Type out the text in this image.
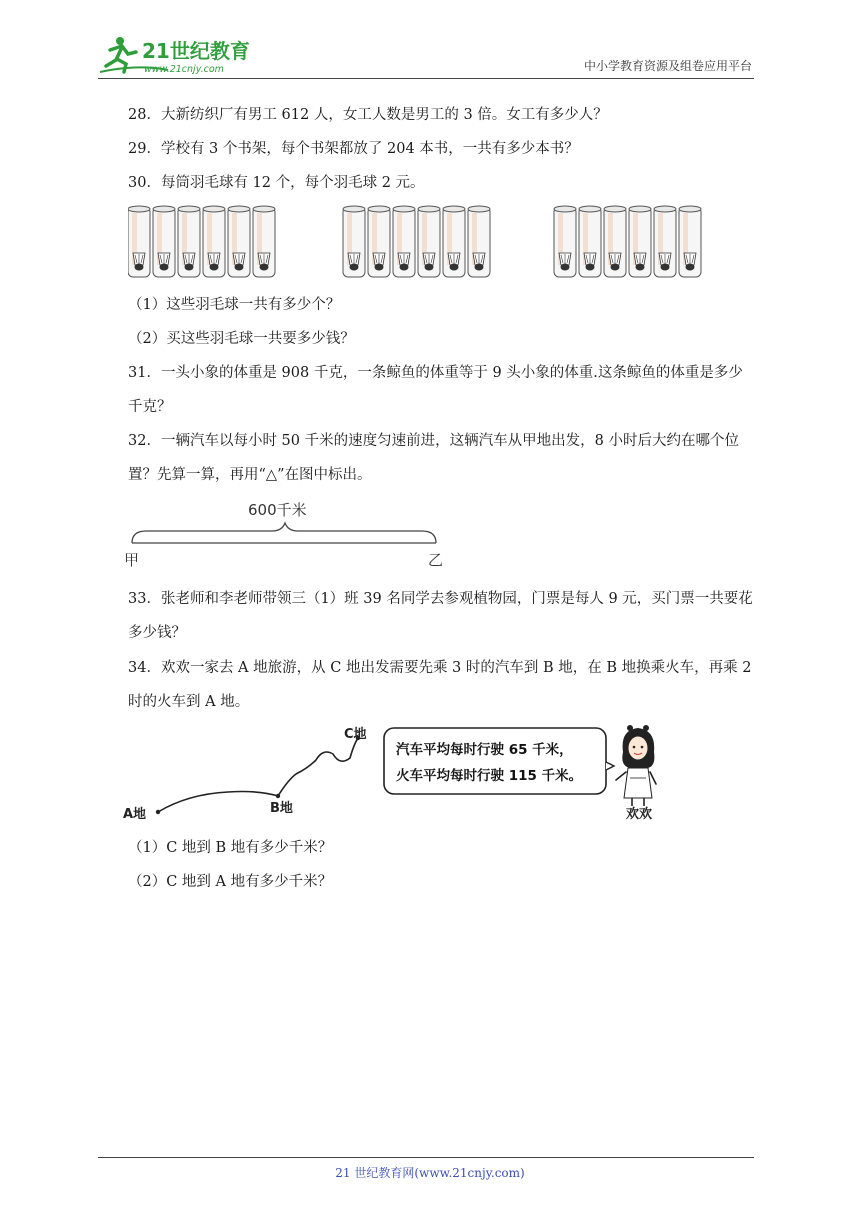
21世纪教育
www.21cnjy.com	中小学教育资源及组卷应用平台
28．大新纺织厂有男工 612 人，女工人数是男工的 3 倍。女工有多少人？
29．学校有 3 个书架，每个书架都放了 204 本书，一共有多少本书？
30．每筒羽毛球有 12 个，每个羽毛球 2 元。
（1）这些羽毛球一共有多少个？
（2）买这些羽毛球一共要多少钱？
31．一头小象的体重是 908 千克，一条鲸鱼的体重等于 9 头小象的体重.这条鲸鱼的体重是多少
千克？
32．一辆汽车以每小时 50 千米的速度匀速前进，这辆汽车从甲地出发，8 小时后大约在哪个位
置？先算一算，再用“△”在图中标出。
600千米
甲	乙
33．张老师和李老师带领三（1）班 39 名同学去参观植物园，门票是每人 9 元，买门票一共要花
多少钱？
34．欢欢一家去 A 地旅游，从 C 地出发需要先乘 3 时的汽车到 B 地，在 B 地换乘火车，再乘 2
时的火车到 A 地。
A地	B地
C地
汽车平均每时行驶 65 千米，
火车平均每时行驶 115 千米。
欢欢
（1）C 地到 B 地有多少千米？
（2）C 地到 A 地有多少千米？
21 世纪教育网(www.21cnjy.com)
